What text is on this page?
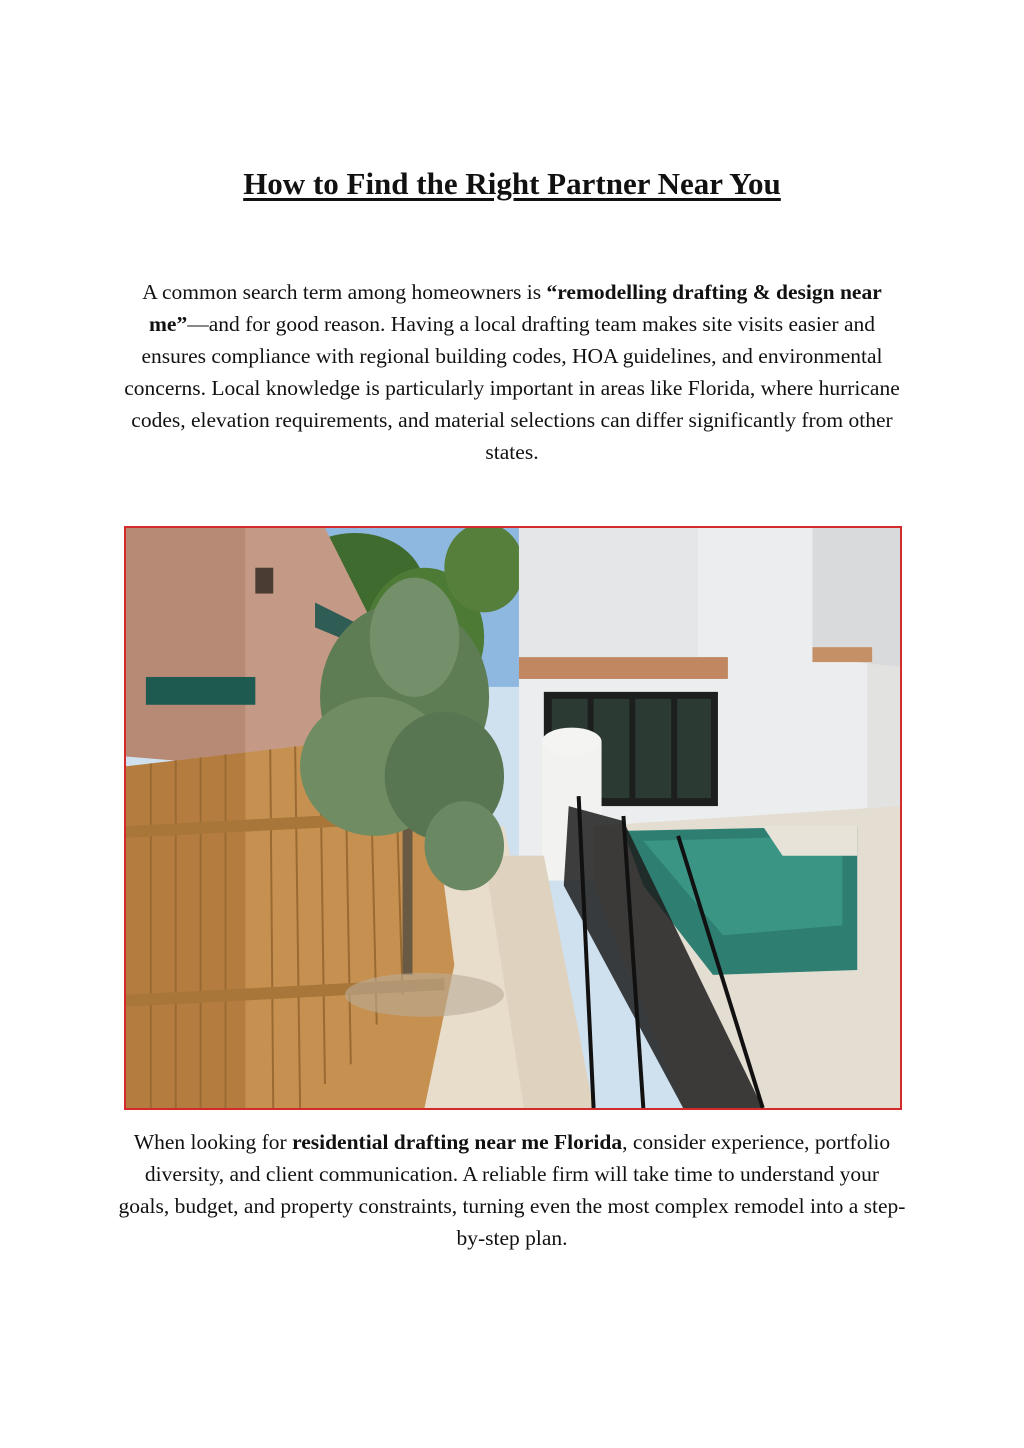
How to Find the Right Partner Near You

A common search term among homeowners is “remodelling drafting & design near me”—and for good reason. Having a local drafting team makes site visits easier and ensures compliance with regional building codes, HOA guidelines, and environmental concerns. Local knowledge is particularly important in areas like Florida, where hurricane codes, elevation requirements, and material selections can differ significantly from other states.

When looking for residential drafting near me Florida, consider experience, portfolio diversity, and client communication. A reliable firm will take time to understand your goals, budget, and property constraints, turning even the most complex remodel into a step-by-step plan.
